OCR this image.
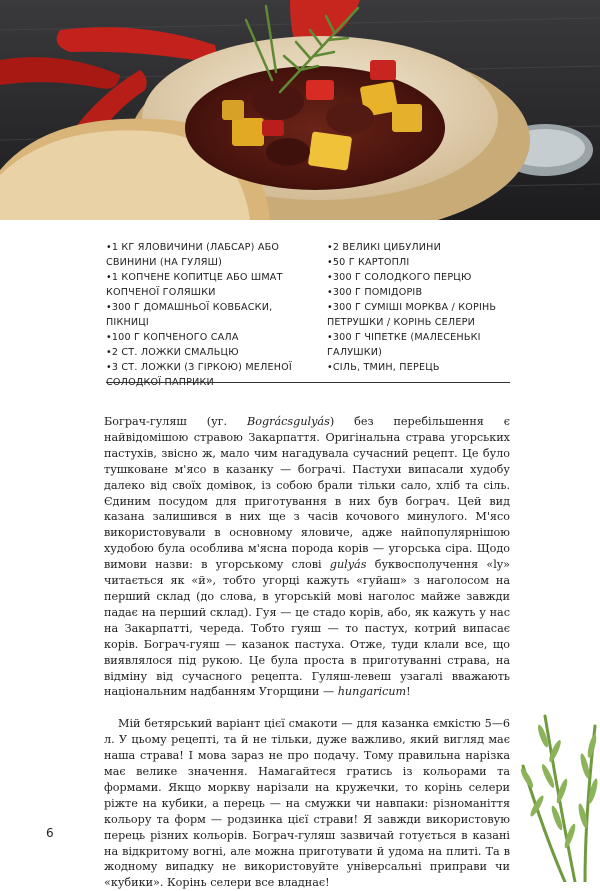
•1 КГ ЯЛОВИЧИНИ (ЛАБСАР) АБО СВИНИНИ (НА ГУЛЯШ)

•1 КОПЧЕНЕ КОПИТЦЕ АБО ШМАТ КОПЧЕНОЇ ГОЛЯШКИ

•300 Г ДОМАШНЬОЇ КОВБАСКИ, ПІКНИЦІ

•100 Г КОПЧЕНОГО САЛА

•2 СТ. ЛОЖКИ СМАЛЬЦЮ

•3 СТ. ЛОЖКИ (З ГІРКОЮ) МЕЛЕНОЇ СОЛОДКОЇ ПАПРИКИ

•2 ВЕЛИКІ ЦИБУЛИНИ

•50 Г КАРТОПЛІ

•300 Г СОЛОДКОГО ПЕРЦЮ

•300 Г ПОМІДОРІВ

•300 Г СУМІШІ МОРКВА / КОРІНЬ ПЕТРУШКИ / КОРІНЬ СЕЛЕРИ

•300 Г ЧІПЕТКЕ (МАЛЕСЕНЬКІ ГАЛУШКИ)

•СІЛЬ, ТМИН, ПЕРЕЦЬ

Бограч-гуляш (уг. Bográcsgulyás) без перебільшення є найвідомішою стравою Закарпаття. Оригінальна страва угорських пастухів, звісно ж, мало чим нагадувала сучасний рецепт. Це було тушковане м'ясо в казанку — бограчі. Пастухи випасали худобу далеко від своїх домівок, із собою брали тільки сало, хліб та сіль. Єдиним посудом для приготування в них був бограч. Цей вид казана залишився в них ще з часів кочового минулого. М'ясо використовували в основному яловиче, адже найпопулярнішою худобою була особлива м'ясна порода корів — угорська сіра. Щодо вимови назви: в угорському слові gulyás буквосполучення «ly» читається як «й», тобто угорці кажуть «гуйаш» з наголосом на перший склад (до слова, в угорській мові наголос майже завжди падає на перший склад). Гуя — це стадо корів, або, як кажуть у нас на Закарпатті, череда. Тобто гуяш — то пастух, котрий випасає корів. Бограч-гуяш — казанок пастуха. Отже, туди клали все, що виявлялося під рукою. Це була проста в приготуванні страва, на відміну від сучасного рецепта. Гуляш-левеш узагалі вважають національним надбанням Угорщини — hungaricum!

Мій бетярський варіант цієї смакоти — для казанка ємкістю 5—6 л. У цьому рецепті, та й не тільки, дуже важливо, який вигляд має наша страва! І мова зараз не про подачу. Тому правильна нарізка має велике значення. Намагайтеся гратись із кольорами та формами. Якщо моркву нарізали на кружечки, то корінь селери ріжте на кубики, а перець — на смужки чи навпаки: різноманіття кольору та форм — родзинка цієї страви! Я завжди використовую перець різних кольорів. Бограч-гуляш зазвичай готується в казані на відкритому вогні, але можна приготувати й удома на плиті. Та в жодному випадку не використовуйте універсальні приправи чи «кубики». Корінь селери все владнає!

6
